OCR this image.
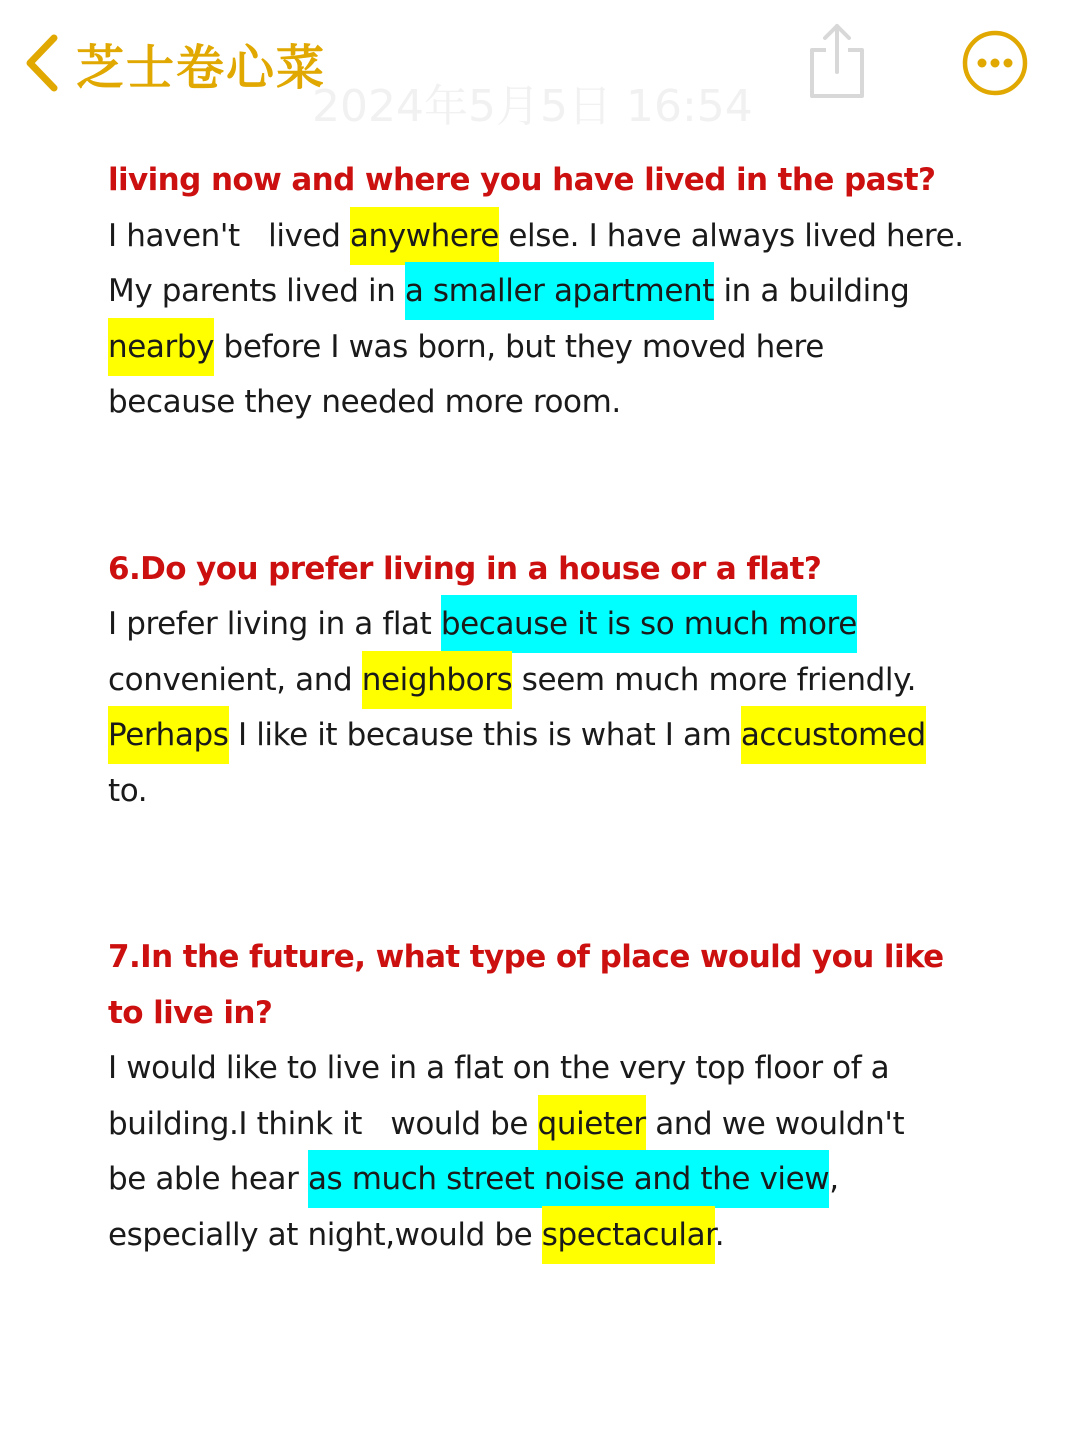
芝士卷心菜
2024年5月5日 16:54
living now and where you have lived in the past?
I haven't   lived anywhere else. I have always lived here.
My parents lived in a smaller apartment in a building
nearby before I was born, but they moved here
because they needed more room.
6.Do you prefer living in a house or a flat?
I prefer living in a flat because it is so much more
convenient, and neighbors seem much more friendly.
Perhaps I like it because this is what I am accustomed
to.
7.In the future, what type of place would you like
to live in?
I would like to live in a flat on the very top floor of a
building.I think it   would be quieter and we wouldn't
be able hear as much street noise and the view,
especially at night,would be spectacular.
